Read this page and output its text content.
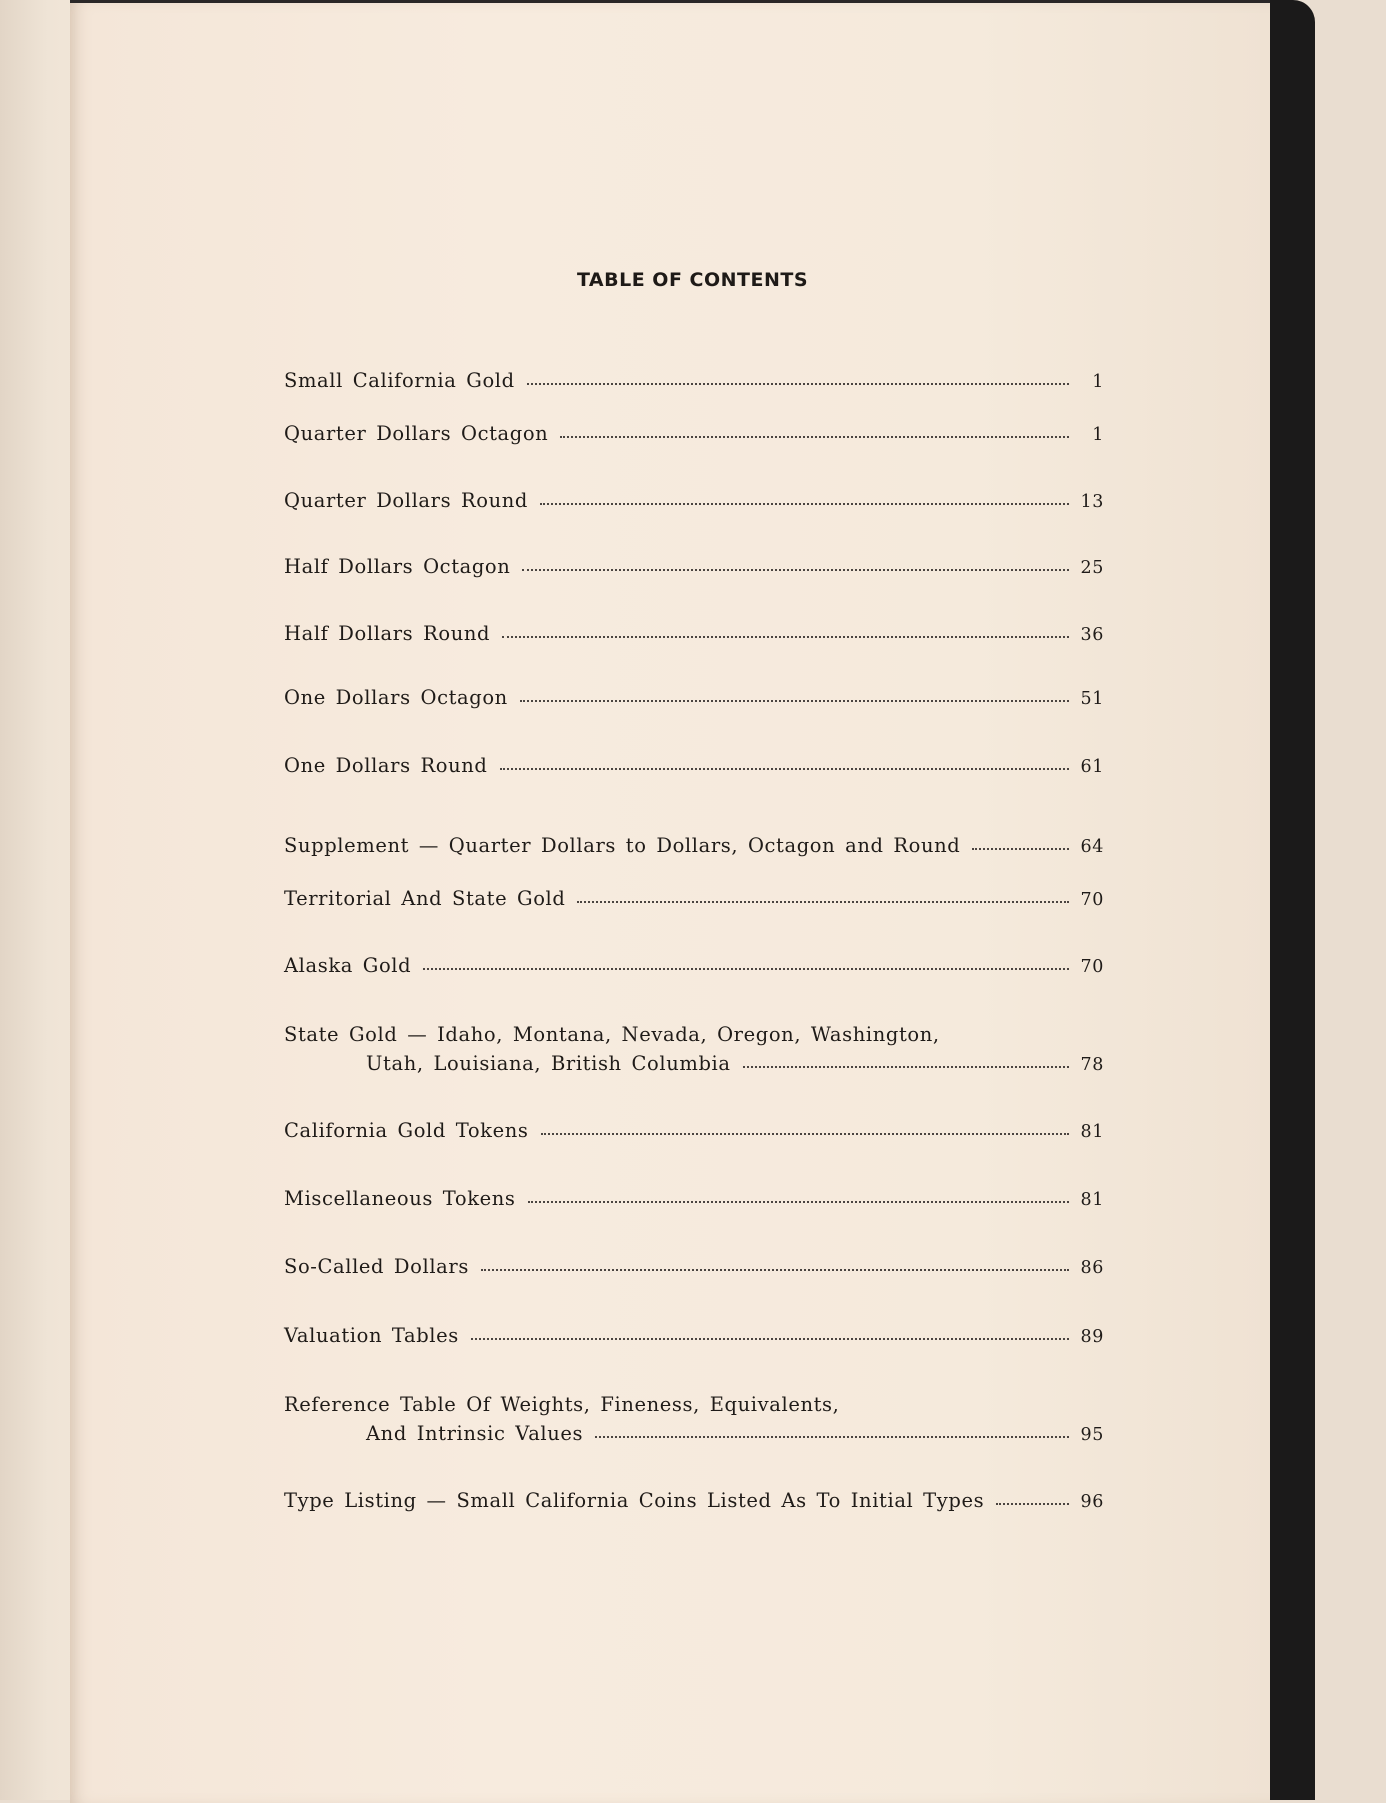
TABLE OF CONTENTS
Small California Gold	1
Quarter Dollars Octagon	1
Quarter Dollars Round	13
Half Dollars Octagon	25
Half Dollars Round	36
One Dollars Octagon	51
One Dollars Round	61
Supplement — Quarter Dollars to Dollars, Octagon and Round	64
Territorial And State Gold	70
Alaska Gold	70
State Gold — Idaho, Montana, Nevada, Oregon, Washington,
Utah, Louisiana, British Columbia	78
California Gold Tokens	81
Miscellaneous Tokens	81
So-Called Dollars	86
Valuation Tables	89
Reference Table Of Weights, Fineness, Equivalents,
And Intrinsic Values	95
Type Listing — Small California Coins Listed As To Initial Types	96
